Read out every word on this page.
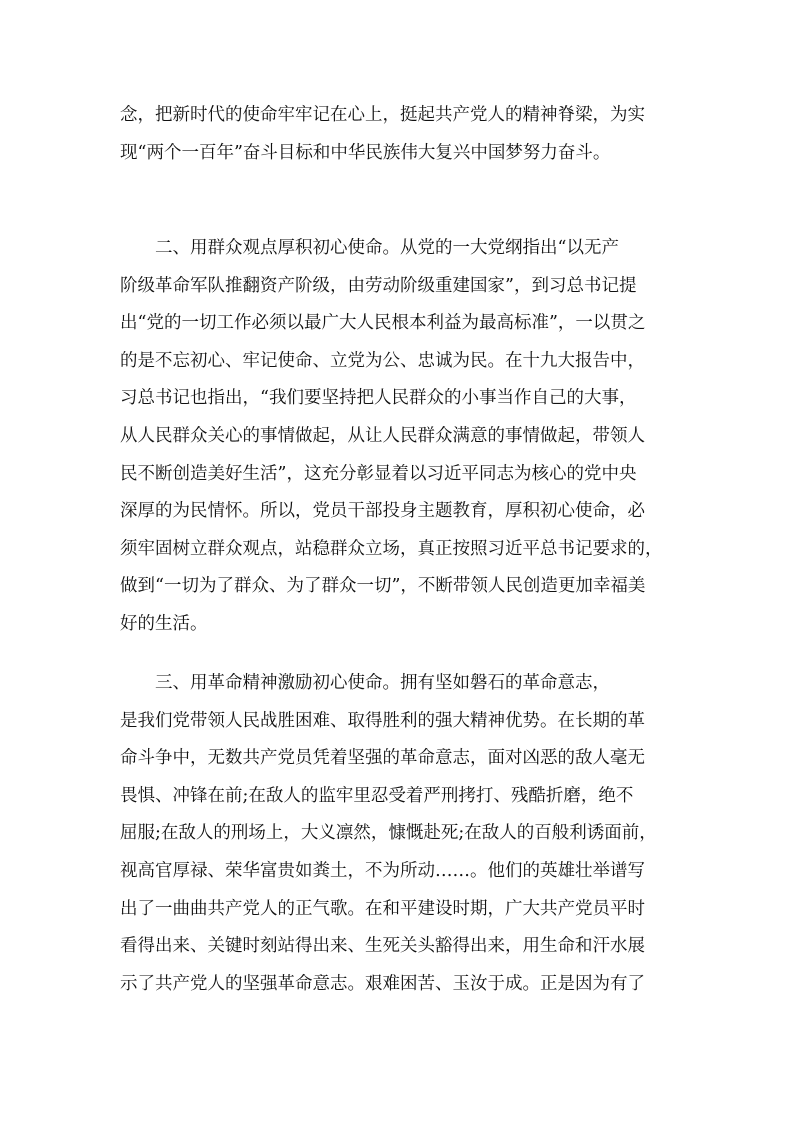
念，把新时代的使命牢牢记在心上，挺起共产党人的精神脊梁，为实
现“两个一百年”奋斗目标和中华民族伟大复兴中国梦努力奋斗。
　　二、用群众观点厚积初心使命。从党的一大党纲指出“以无产
阶级革命军队推翻资产阶级，由劳动阶级重建国家”，到习总书记提
出“党的一切工作必须以最广大人民根本利益为最高标准”，一以贯之
的是不忘初心、牢记使命、立党为公、忠诚为民。在十九大报告中，
习总书记也指出，“我们要坚持把人民群众的小事当作自己的大事，
从人民群众关心的事情做起，从让人民群众满意的事情做起，带领人
民不断创造美好生活”，这充分彰显着以习近平同志为核心的党中央
深厚的为民情怀。所以，党员干部投身主题教育，厚积初心使命，必
须牢固树立群众观点，站稳群众立场，真正按照习近平总书记要求的，
做到“一切为了群众、为了群众一切”，不断带领人民创造更加幸福美
好的生活。
　　三、用革命精神激励初心使命。拥有坚如磐石的革命意志，
是我们党带领人民战胜困难、取得胜利的强大精神优势。在长期的革
命斗争中，无数共产党员凭着坚强的革命意志，面对凶恶的敌人毫无
畏惧、冲锋在前;在敌人的监牢里忍受着严刑拷打、残酷折磨，绝不
屈服;在敌人的刑场上，大义凛然，慷慨赴死;在敌人的百般利诱面前，
视高官厚禄、荣华富贵如粪土，不为所动……。他们的英雄壮举谱写
出了一曲曲共产党人的正气歌。在和平建设时期，广大共产党员平时
看得出来、关键时刻站得出来、生死关头豁得出来，用生命和汗水展
示了共产党人的坚强革命意志。艰难困苦、玉汝于成。正是因为有了
